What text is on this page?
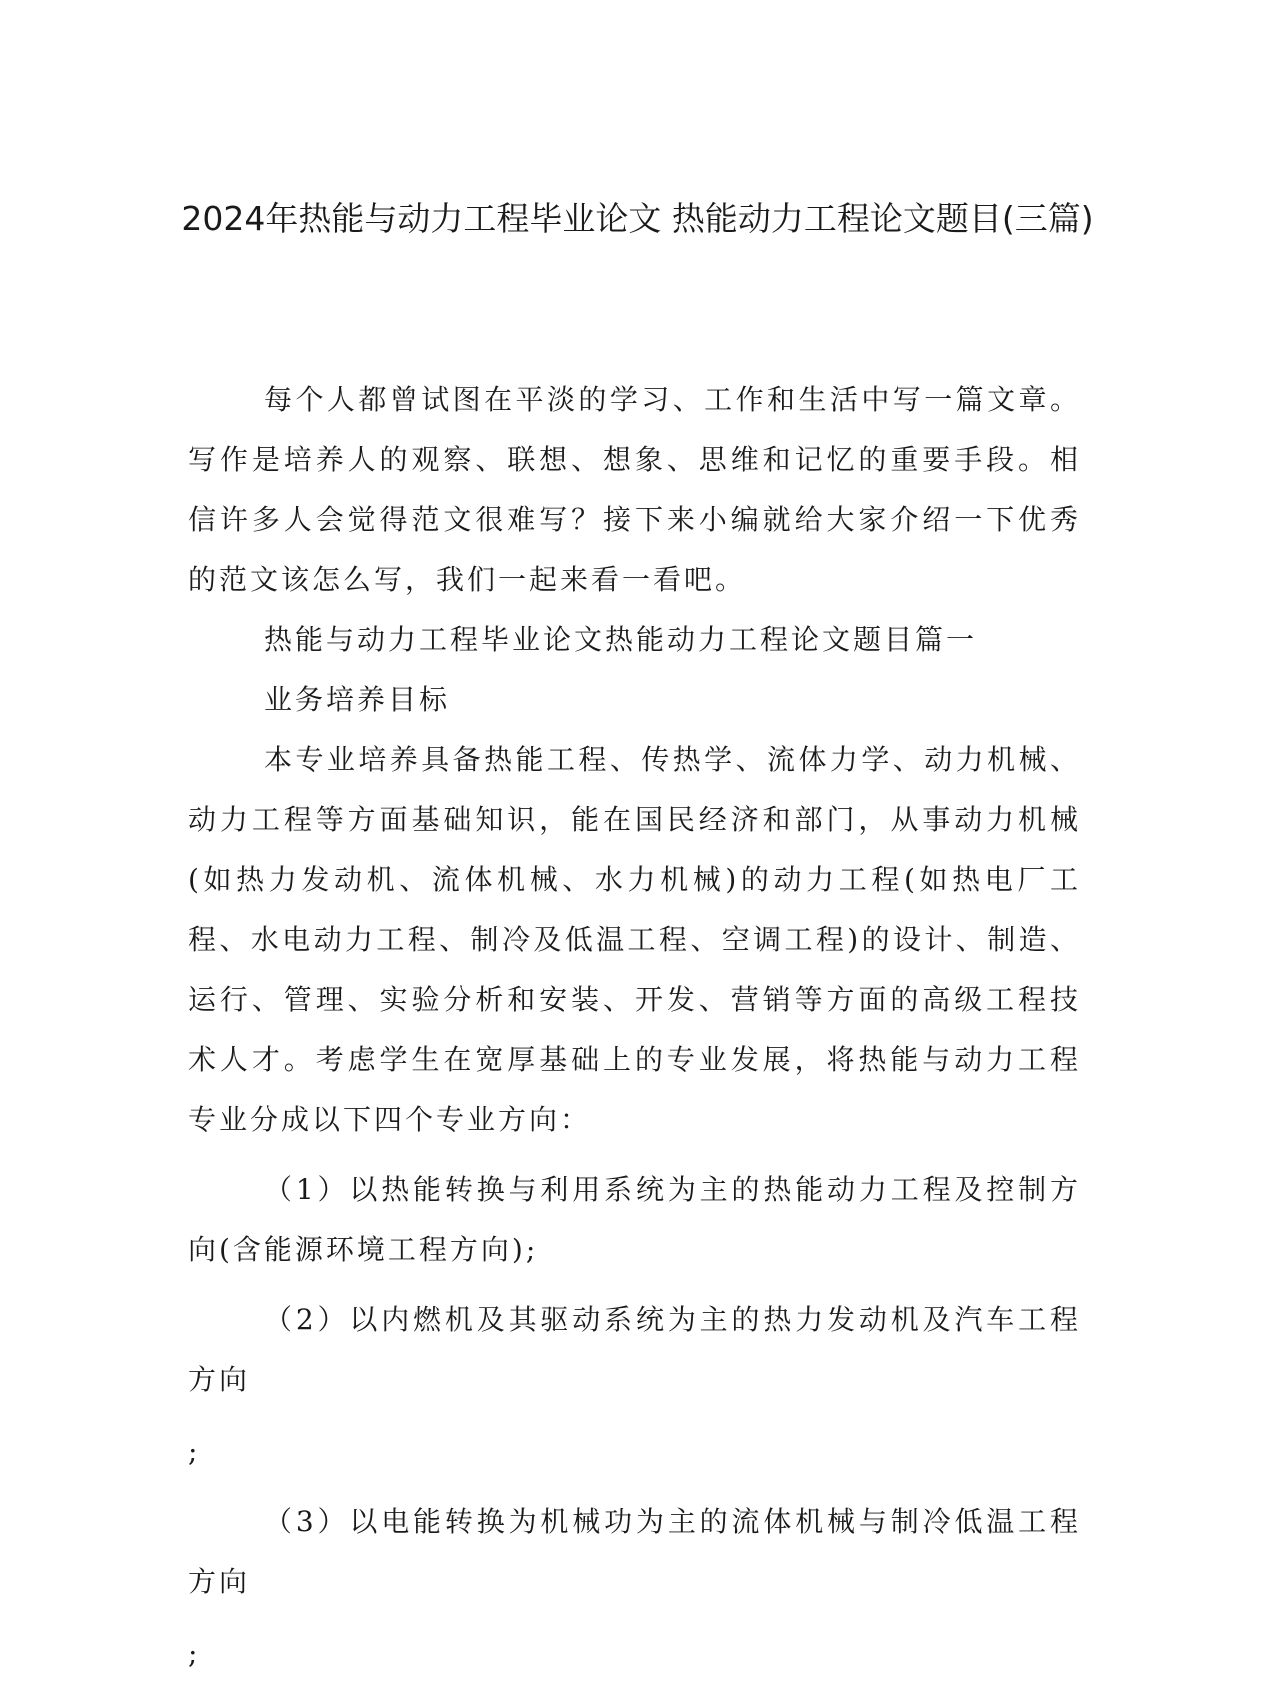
2024年热能与动力工程毕业论文 热能动力工程论文题目(三篇)

每个人都曾试图在平淡的学习、工作和生活中写一篇文章。写作是培养人的观察、联想、想象、思维和记忆的重要手段。相信许多人会觉得范文很难写？接下来小编就给大家介绍一下优秀的范文该怎么写，我们一起来看一看吧。

热能与动力工程毕业论文热能动力工程论文题目篇一

业务培养目标

本专业培养具备热能工程、传热学、流体力学、动力机械、动力工程等方面基础知识，能在国民经济和部门，从事动力机械(如热力发动机、流体机械、水力机械)的动力工程(如热电厂工程、水电动力工程、制冷及低温工程、空调工程)的设计、制造、运行、管理、实验分析和安装、开发、营销等方面的高级工程技术人才。考虑学生在宽厚基础上的专业发展，将热能与动力工程专业分成以下四个专业方向：

（1）以热能转换与利用系统为主的热能动力工程及控制方向(含能源环境工程方向);

（2）以内燃机及其驱动系统为主的热力发动机及汽车工程方向

;

（3）以电能转换为机械功为主的流体机械与制冷低温工程方向

;
